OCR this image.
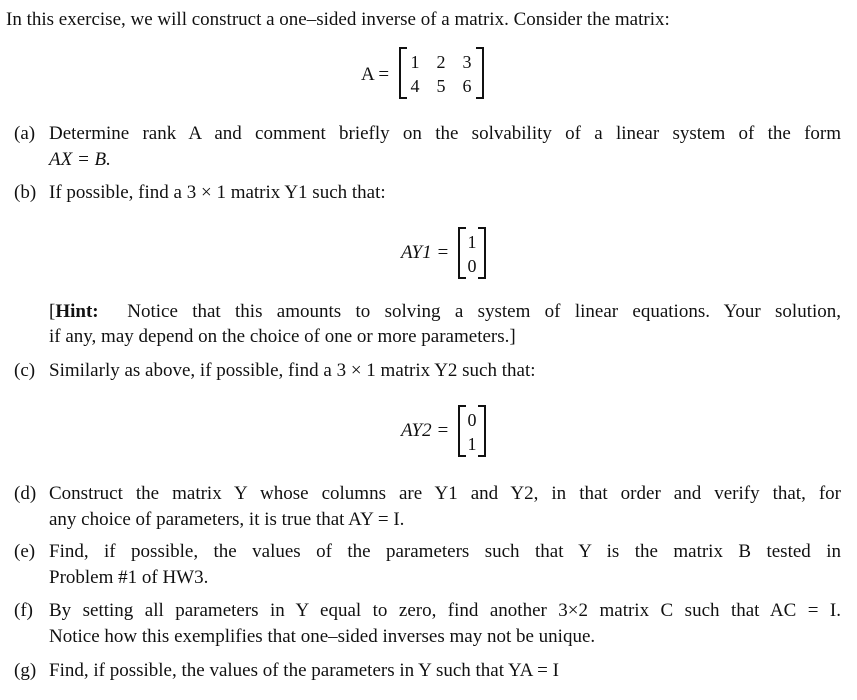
In this exercise, we will construct a one–sided inverse of a matrix. Consider the matrix:
A =
1 2 3
4 5 6
(a) Determine rank A and comment briefly on the solvability of a linear system of the form
AX = B.
(b) If possible, find a 3 × 1 matrix Y1 such that:
AY1 =	1
0
[Hint: Notice that this amounts to solving a system of linear equations. Your solution,
if any, may depend on the choice of one or more parameters.]
(c) Similarly as above, if possible, find a 3 × 1 matrix Y2 such that:
AY2 =	0
1
(d) Construct the matrix Y whose columns are Y1 and Y2, in that order and verify that, for
any choice of parameters, it is true that AY = I.
(e) Find, if possible, the values of the parameters such that Y is the matrix B tested in
Problem #1 of HW3.
(f) By setting all parameters in Y equal to zero, find another 3×2 matrix C such that AC = I.
Notice how this exemplifies that one–sided inverses may not be unique.
(g) Find, if possible, the values of the parameters in Y such that YA = I
